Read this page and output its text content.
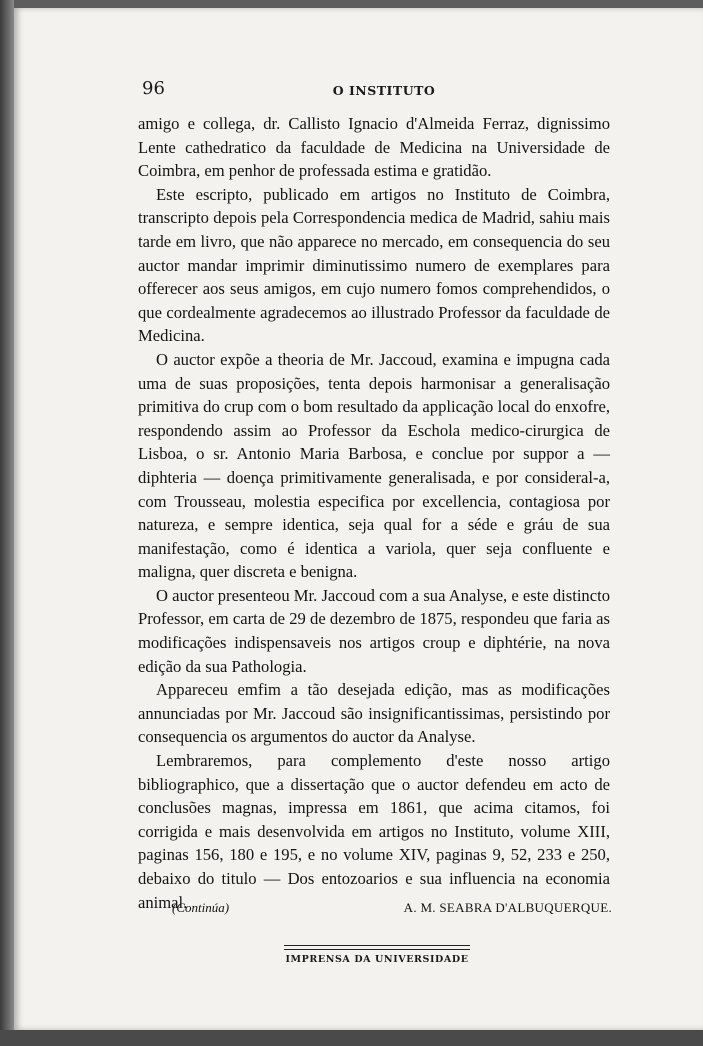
96	O INSTITUTO

amigo e collega, dr. Callisto Ignacio d'Almeida Ferraz, dignissimo Lente cathedratico da faculdade de Medicina na Universidade de Coimbra, em penhor de professada estima e gratidão.

Este escripto, publicado em artigos no Instituto de Coimbra, transcripto depois pela Correspondencia medica de Madrid, sahiu mais tarde em livro, que não apparece no mercado, em consequencia do seu auctor mandar imprimir diminutissimo numero de exemplares para offerecer aos seus amigos, em cujo numero fomos comprehendidos, o que cordealmente agradecemos ao illustrado Professor da faculdade de Medicina.

O auctor expõe a theoria de Mr. Jaccoud, examina e impugna cada uma de suas proposições, tenta depois harmonisar a generalisação primitiva do crup com o bom resultado da applicação local do enxofre, respondendo assim ao Professor da Eschola medico-cirurgica de Lisboa, o sr. Antonio Maria Barbosa, e conclue por suppor a — diphteria — doença primitivamente generalisada, e por consideral-a, com Trousseau, molestia especifica por excellencia, contagiosa por natureza, e sempre identica, seja qual for a séde e gráu de sua manifestação, como é identica a variola, quer seja confluente e maligna, quer discreta e benigna.

O auctor presenteou Mr. Jaccoud com a sua Analyse, e este distincto Professor, em carta de 29 de dezembro de 1875, respondeu que faria as modificações indispensaveis nos artigos croup e diphtérie, na nova edição da sua Pathologia.

Appareceu emfim a tão desejada edição, mas as modificações annunciadas por Mr. Jaccoud são insignificantissimas, persistindo por consequencia os argumentos do auctor da Analyse.

Lembraremos, para complemento d'este nosso artigo bibliographico, que a dissertação que o auctor defendeu em acto de conclusões magnas, impressa em 1861, que acima citamos, foi corrigida e mais desenvolvida em artigos no Instituto, volume XIII, paginas 156, 180 e 195, e no volume XIV, paginas 9, 52, 233 e 250, debaixo do titulo — Dos entozoarios e sua influencia na economia animal.

(Continúa)	A. M. SEABRA D'ALBUQUERQUE.
IMPRENSA DA UNIVERSIDADE
